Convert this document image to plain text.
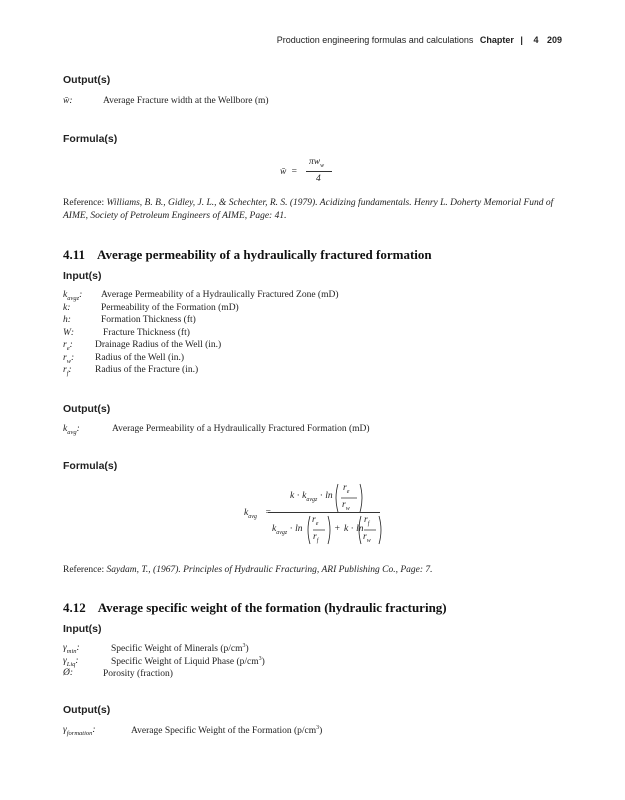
Production engineering formulas and calculations Chapter | 4 209
Output(s)
w̄:	Average Fracture width at the Wellbore (m)
Formula(s)
w̄ =
$\pi w_w$
4
Reference: Williams, B. B., Gidley, J. L., & Schechter, R. S. (1979). Acidizing fundamentals. Henry L. Doherty Memorial Fund of AIME, Society of Petroleum Engineers of AIME, Page: 41.
4.11 Average permeability of a hydraulically fractured formation
Input(s)
$k_{avgz}$: Average Permeability of a Hydraulically Fractured Zone (mD)
k:	Permeability of the Formation (mD)
h:	Formation Thickness (ft)
W:	Fracture Thickness (ft)
$r_e$: Drainage Radius of the Well (in.)
$r_w$: Radius of the Well (in.)
$r_f$: Radius of the Fracture (in.)
Output(s)
$k_{avg}$:	Average Permeability of a Hydraulically Fractured Formation (mD)
Formula(s)
$k_{avg}$ =
$k \cdot k_{avgz} \cdot \ln$
$r_e$
$r_w$
$k_{avgz} \cdot \ln$
$r_e$
$r_f$
+ k · ln
$r_f$
$r_w$
Reference: Saydam, T., (1967). Principles of Hydraulic Fracturing, ARI Publishing Co., Page: 7.
4.12 Average specific weight of the formation (hydraulic fracturing)
Input(s)
$\gamma_{min}$:	Specific Weight of Minerals $(p/cm^3)$
$\gamma_{Liq}$:	Specific Weight of Liquid Phase $(p/cm^3)$
Ø:	Porosity (fraction)
Output(s)
$\gamma_{formation}$:	Average Specific Weight of the Formation $(p/cm^3)$
